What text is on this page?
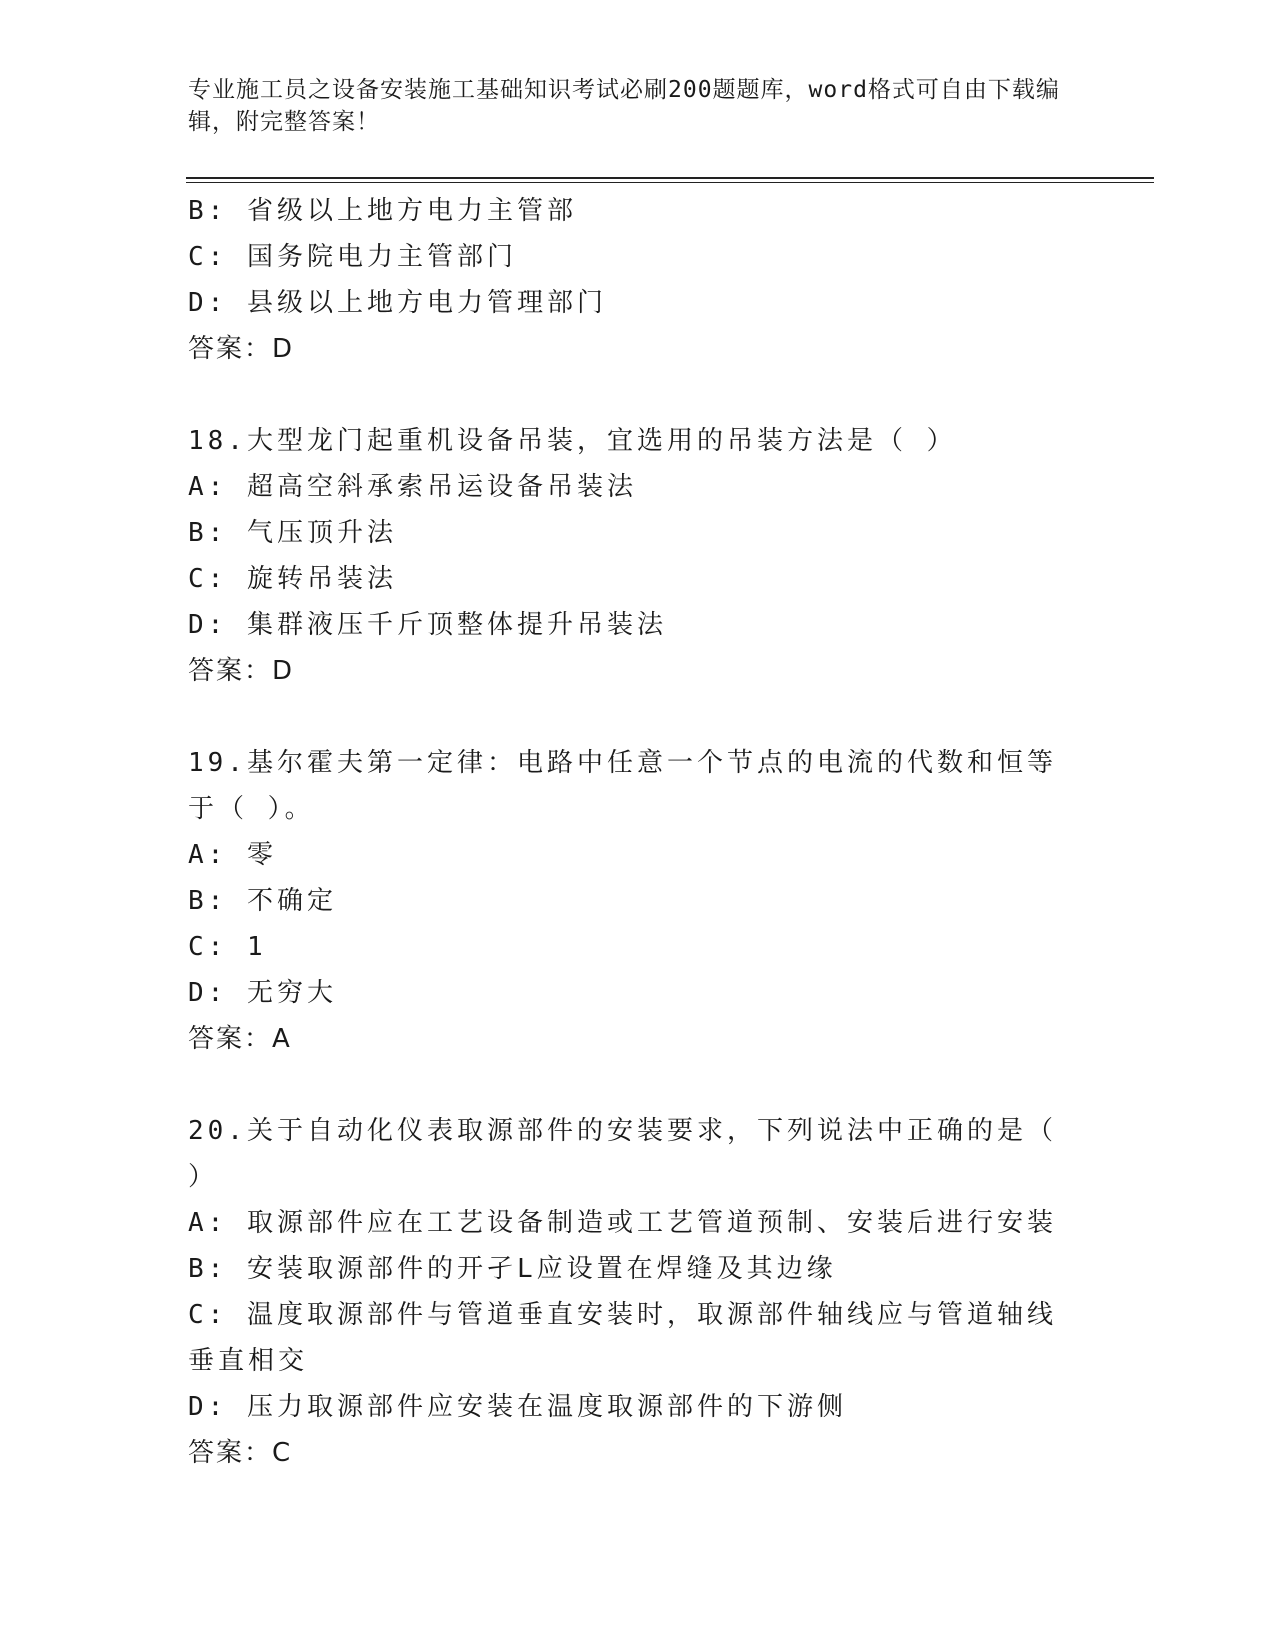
专业施工员之设备安装施工基础知识考试必刷200题题库，word格式可自由下载编辑，附完整答案！
B: 省级以上地方电力主管部
C: 国务院电力主管部门
D: 县级以上地方电力管理部门
答案：D
18.大型龙门起重机设备吊装，宜选用的吊装方法是（ ）
A: 超高空斜承索吊运设备吊装法
B: 气压顶升法
C: 旋转吊装法
D: 集群液压千斤顶整体提升吊装法
答案：D
19.基尔霍夫第一定律：电路中任意一个节点的电流的代数和恒等于（ ）。
A: 零
B: 不确定
C: 1
D: 无穷大
答案：A
20.关于自动化仪表取源部件的安装要求，下列说法中正确的是（ ）
A: 取源部件应在工艺设备制造或工艺管道预制、安装后进行安装
B: 安装取源部件的开孑L应设置在焊缝及其边缘
C: 温度取源部件与管道垂直安装时，取源部件轴线应与管道轴线垂直相交
D: 压力取源部件应安装在温度取源部件的下游侧
答案：C
